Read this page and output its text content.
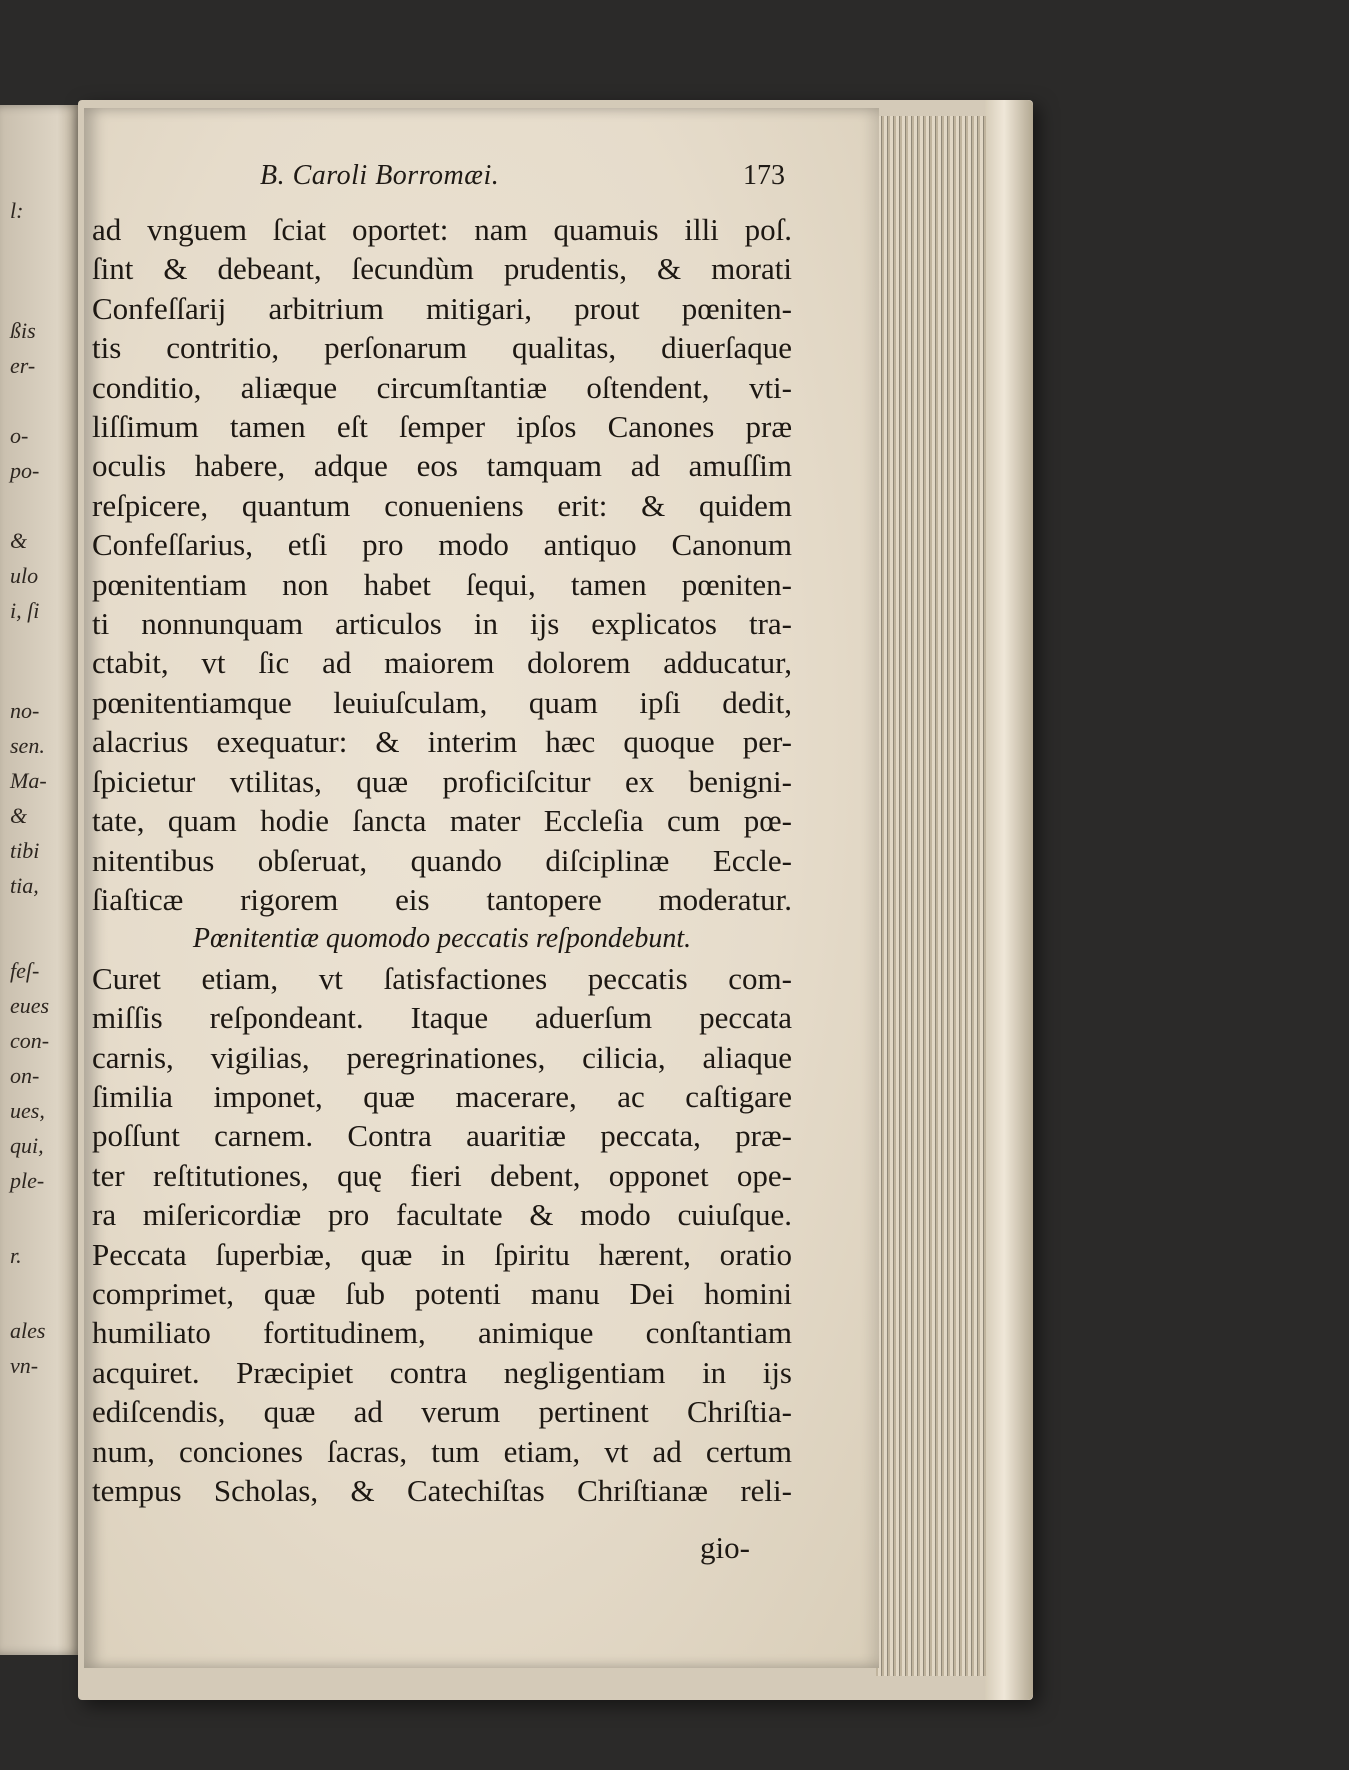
l:
ßis
er-
o-
po-
&
ulo
i, ſi
no-
sen.
Ma-
&
tibi
tia,
feſ-
eues
con-
on-
ues,
qui,
ple-
r.
ales
vn-
B. Caroli Borromæi.	173
ad vnguem ſciat oportet: nam quamuis illi poſ.
ſint & debeant, ſecundùm prudentis, & morati
Confeſſarij arbitrium mitigari, prout pœniten-
tis contritio, perſonarum qualitas, diuerſaque
conditio, aliæque circumſtantiæ oſtendent, vti-
liſſimum tamen eſt ſemper ipſos Canones præ
oculis habere, adque eos tamquam ad amuſſim
reſpicere, quantum conueniens erit: & quidem
Confeſſarius, etſi pro modo antiquo Canonum
pœnitentiam non habet ſequi, tamen pœniten-
ti nonnunquam articulos in ijs explicatos tra-
ctabit, vt ſic ad maiorem dolorem adducatur,
pœnitentiamque leuiuſculam, quam ipſi dedit,
alacrius exequatur: & interim hæc quoque per-
ſpicietur vtilitas, quæ proficiſcitur ex benigni-
tate, quam hodie ſancta mater Eccleſia cum pœ-
nitentibus obſeruat, quando diſciplinæ Eccle-
ſiaſticæ rigorem eis tantopere moderatur.
Pœnitentiæ quomodo peccatis reſpondebunt.
Curet etiam, vt ſatisfactiones peccatis com-
miſſis reſpondeant. Itaque aduerſum peccata
carnis, vigilias, peregrinationes, cilicia, aliaque
ſimilia imponet, quæ macerare, ac caſtigare
poſſunt carnem. Contra auaritiæ peccata, præ-
ter reſtitutiones, quę fieri debent, opponet ope-
ra miſericordiæ pro facultate & modo cuiuſque.
Peccata ſuperbiæ, quæ in ſpiritu hærent, oratio
comprimet, quæ ſub potenti manu Dei homini
humiliato fortitudinem, animique conſtantiam
acquiret. Præcipiet contra negligentiam in ijs
ediſcendis, quæ ad verum pertinent Chriſtia-
num, conciones ſacras, tum etiam, vt ad certum
tempus Scholas, & Catechiſtas Chriſtianæ reli-
gio-
